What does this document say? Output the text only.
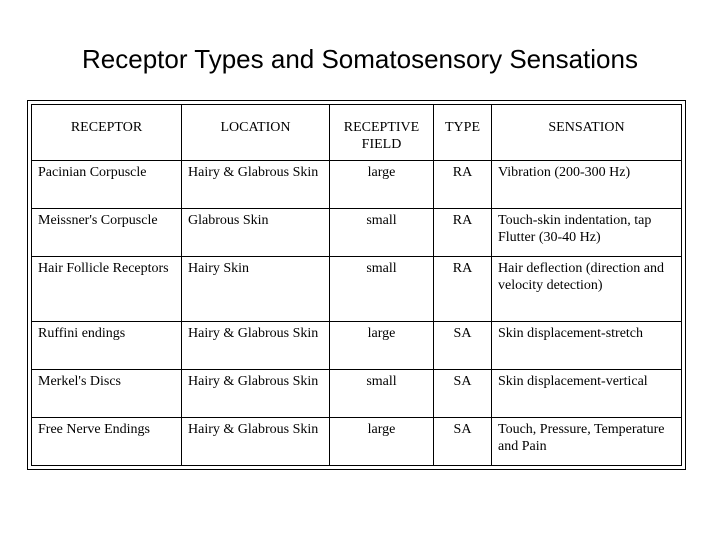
Receptor Types and Somatosensory Sensations
RECEPTOR	LOCATION	RECEPTIVE FIELD	TYPE	SENSATION
Pacinian Corpuscle	Hairy & Glabrous Skin	large	RA	Vibration (200-300 Hz)
Meissner's Corpuscle	Glabrous Skin	small	RA	Touch-skin indentation, tap Flutter (30-40 Hz)
Hair Follicle Receptors	Hairy Skin	small	RA	Hair deflection (direction and velocity detection)
Ruffini endings	Hairy & Glabrous Skin	large	SA	Skin displacement-stretch
Merkel's Discs	Hairy & Glabrous Skin	small	SA	Skin displacement-vertical
Free Nerve Endings	Hairy & Glabrous Skin	large	SA	Touch, Pressure, Temperature and Pain
